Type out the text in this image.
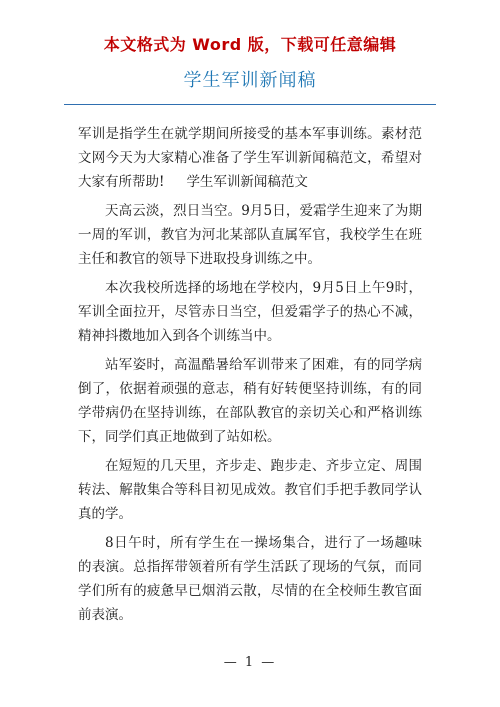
本文格式为 Word 版，下载可任意编辑
学生军训新闻稿

军训是指学生在就学期间所接受的基本军事训练。素材范文网今天为大家精心准备了学生军训新闻稿范文，希望对大家有所帮助! 学生军训新闻稿范文

天高云淡，烈日当空。9月5日，爱霜学生迎来了为期一周的军训，教官为河北某部队直属军官，我校学生在班主任和教官的领导下进取投身训练之中。

本次我校所选择的场地在学校内，9月5日上午9时，军训全面拉开，尽管赤日当空，但爱霜学子的热心不减，精神抖擞地加入到各个训练当中。

站军姿时，高温酷暑给军训带来了困难，有的同学病倒了，依据着顽强的意志，稍有好转便坚持训练，有的同学带病仍在坚持训练，在部队教官的亲切关心和严格训练下，同学们真正地做到了站如松。

在短短的几天里，齐步走、跑步走、齐步立定、周围转法、解散集合等科目初见成效。教官们手把手教同学认真的学。

8日午时，所有学生在一操场集合，进行了一场趣味的表演。总指挥带领着所有学生活跃了现场的气氛，而同学们所有的疲惫早已烟消云散，尽情的在全校师生教官面前表演。

— 1 —
